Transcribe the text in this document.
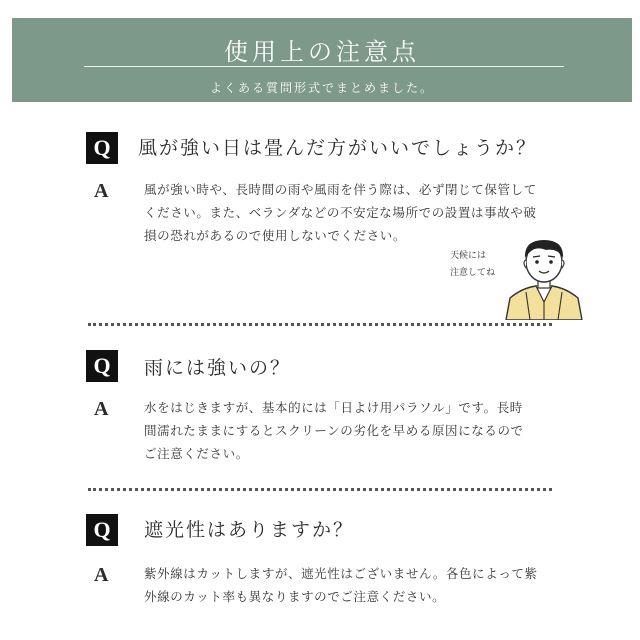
使用上の注意点
よくある質問形式でまとめました。
Q	風が強い日は畳んだ方がいいでしょうか？
A	風が強い時や、長時間の雨や風雨を伴う際は、必ず閉じて保管して
ください。また、ベランダなどの不安定な場所での設置は事故や破
損の恐れがあるので使用しないでください。
天候には
注意してね
Q	雨には強いの？
A	水をはじきますが、基本的には「日よけ用パラソル」です。長時
間濡れたままにするとスクリーンの劣化を早める原因になるので
ご注意ください。
Q	遮光性はありますか？
A	紫外線はカットしますが、遮光性はございません。各色によって紫
外線のカット率も異なりますのでご注意ください。
